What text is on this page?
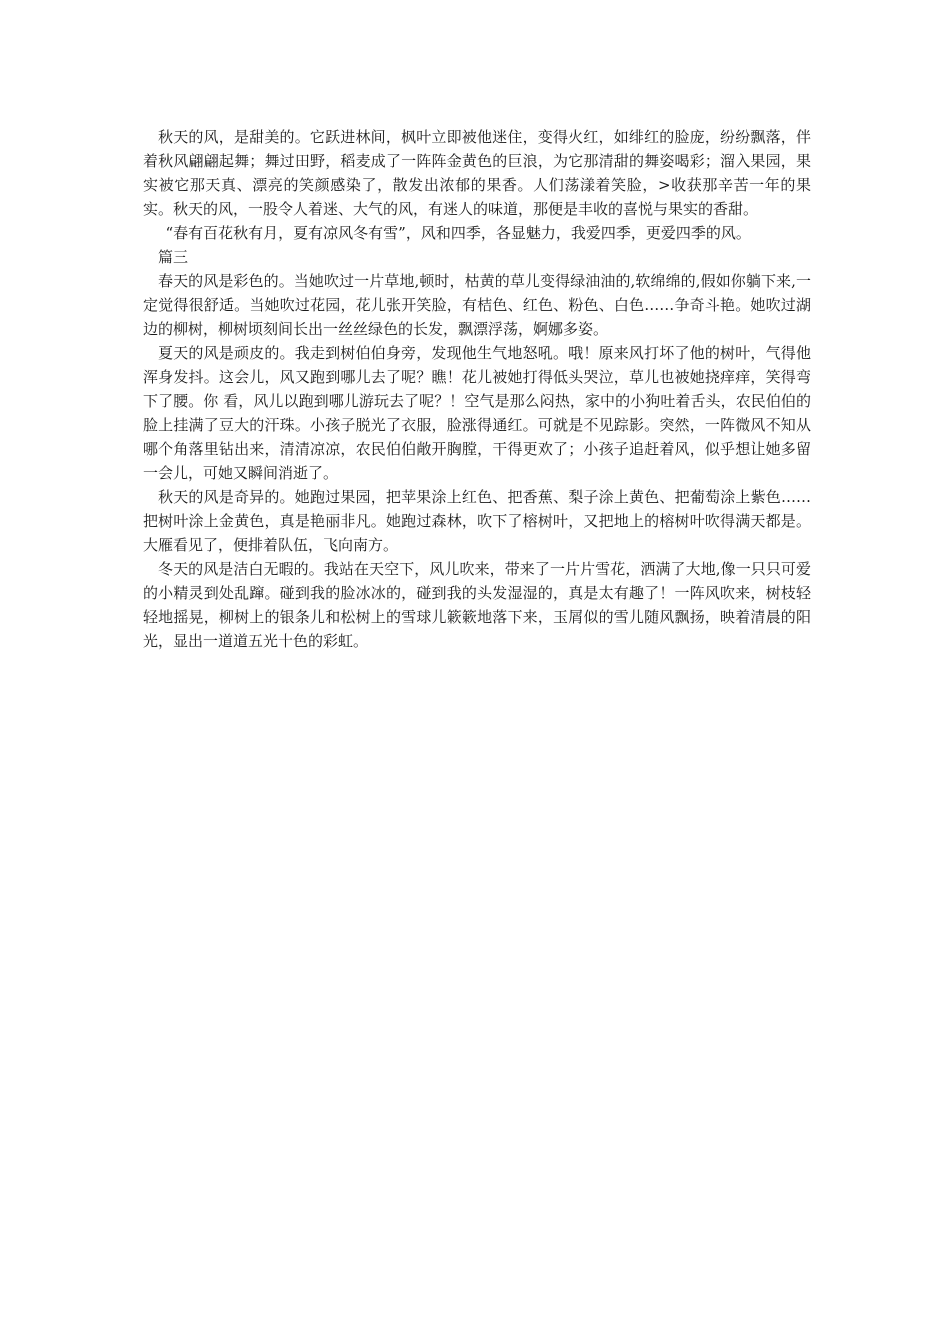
秋天的风，是甜美的。它跃进林间，枫叶立即被他迷住，变得火红，如绯红的脸庞，纷纷飘落，伴着秋风翩翩起舞；舞过田野，稻麦成了一阵阵金黄色的巨浪，为它那清甜的舞姿喝彩；溜入果园，果实被它那天真、漂亮的笑颜感染了，散发出浓郁的果香。人们荡漾着笑脸，>收获那辛苦一年的果实。秋天的风，一股令人着迷、大气的风，有迷人的味道，那便是丰收的喜悦与果实的香甜。

“春有百花秋有月，夏有凉风冬有雪”，风和四季，各显魅力，我爱四季，更爱四季的风。

篇三

春天的风是彩色的。当她吹过一片草地,顿时，枯黄的草儿变得绿油油的,软绵绵的,假如你躺下来,一定觉得很舒适。当她吹过花园，花儿张开笑脸，有桔色、红色、粉色、白色……争奇斗艳。她吹过湖边的柳树，柳树顷刻间长出一丝丝绿色的长发，飘漂浮荡，婀娜多姿。

夏天的风是顽皮的。我走到树伯伯身旁，发现他生气地怒吼。哦！原来风打坏了他的树叶，气得他浑身发抖。这会儿，风又跑到哪儿去了呢？瞧！花儿被她打得低头哭泣，草儿也被她挠痒痒，笑得弯下了腰。你 看，风儿以跑到哪儿游玩去了呢？！空气是那么闷热，家中的小狗吐着舌头，农民伯伯的脸上挂满了豆大的汗珠。小孩子脱光了衣服，脸涨得通红。可就是不见踪影。突然，一阵微风不知从哪个角落里钻出来，清清凉凉，农民伯伯敞开胸膛，干得更欢了；小孩子追赶着风，似乎想让她多留一会儿，可她又瞬间消逝了。

秋天的风是奇异的。她跑过果园，把苹果涂上红色、把香蕉、梨子涂上黄色、把葡萄涂上紫色……把树叶涂上金黄色，真是艳丽非凡。她跑过森林，吹下了榕树叶，又把地上的榕树叶吹得满天都是。大雁看见了，便排着队伍，飞向南方。

冬天的风是洁白无暇的。我站在天空下，风儿吹来，带来了一片片雪花，洒满了大地,像一只只可爱的小精灵到处乱蹿。碰到我的脸冰冰的，碰到我的头发湿湿的，真是太有趣了！一阵风吹来，树枝轻轻地摇晃，柳树上的银条儿和松树上的雪球儿簌簌地落下来，玉屑似的雪儿随风飘扬，映着清晨的阳光，显出一道道五光十色的彩虹。
